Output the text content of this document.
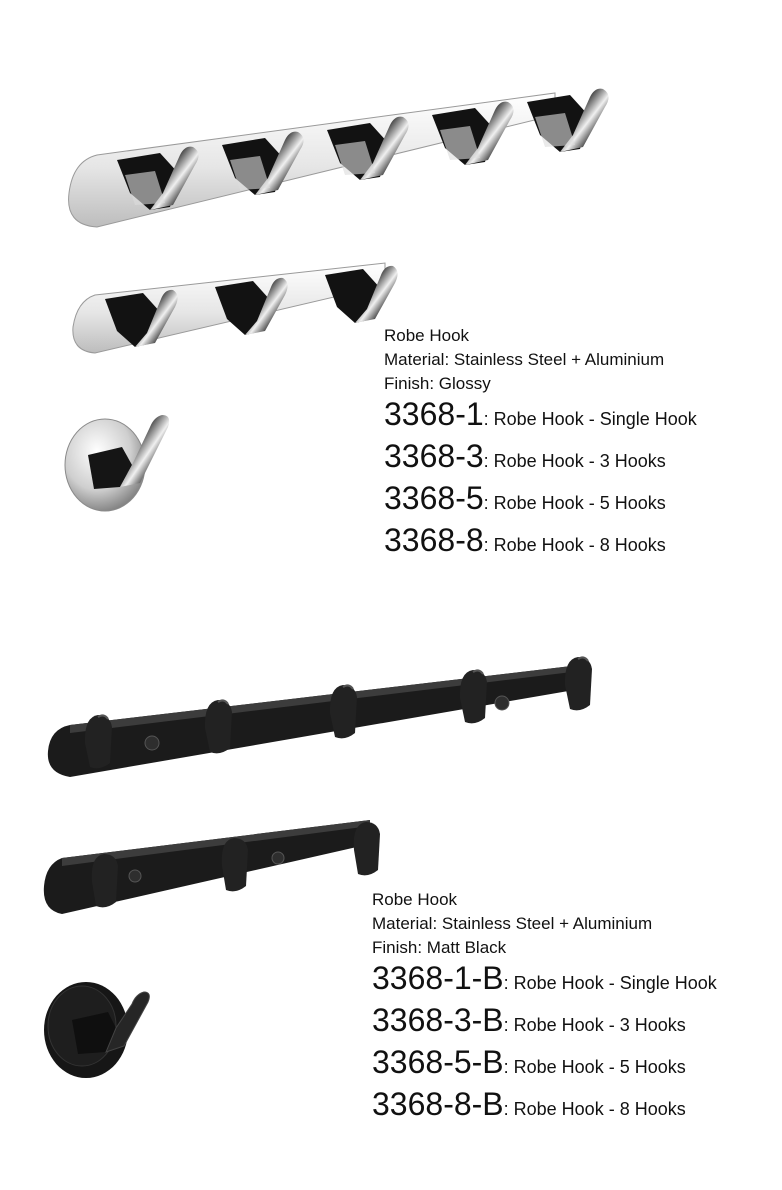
Robe Hook
Material: Stainless Steel + Aluminium
Finish: Glossy
3368-1: Robe Hook - Single Hook
3368-3: Robe Hook - 3 Hooks
3368-5: Robe Hook - 5 Hooks
3368-8: Robe Hook - 8 Hooks
Robe Hook
Material: Stainless Steel + Aluminium
Finish: Matt Black
3368-1-B: Robe Hook - Single Hook
3368-3-B: Robe Hook - 3 Hooks
3368-5-B: Robe Hook - 5 Hooks
3368-8-B: Robe Hook - 8 Hooks
